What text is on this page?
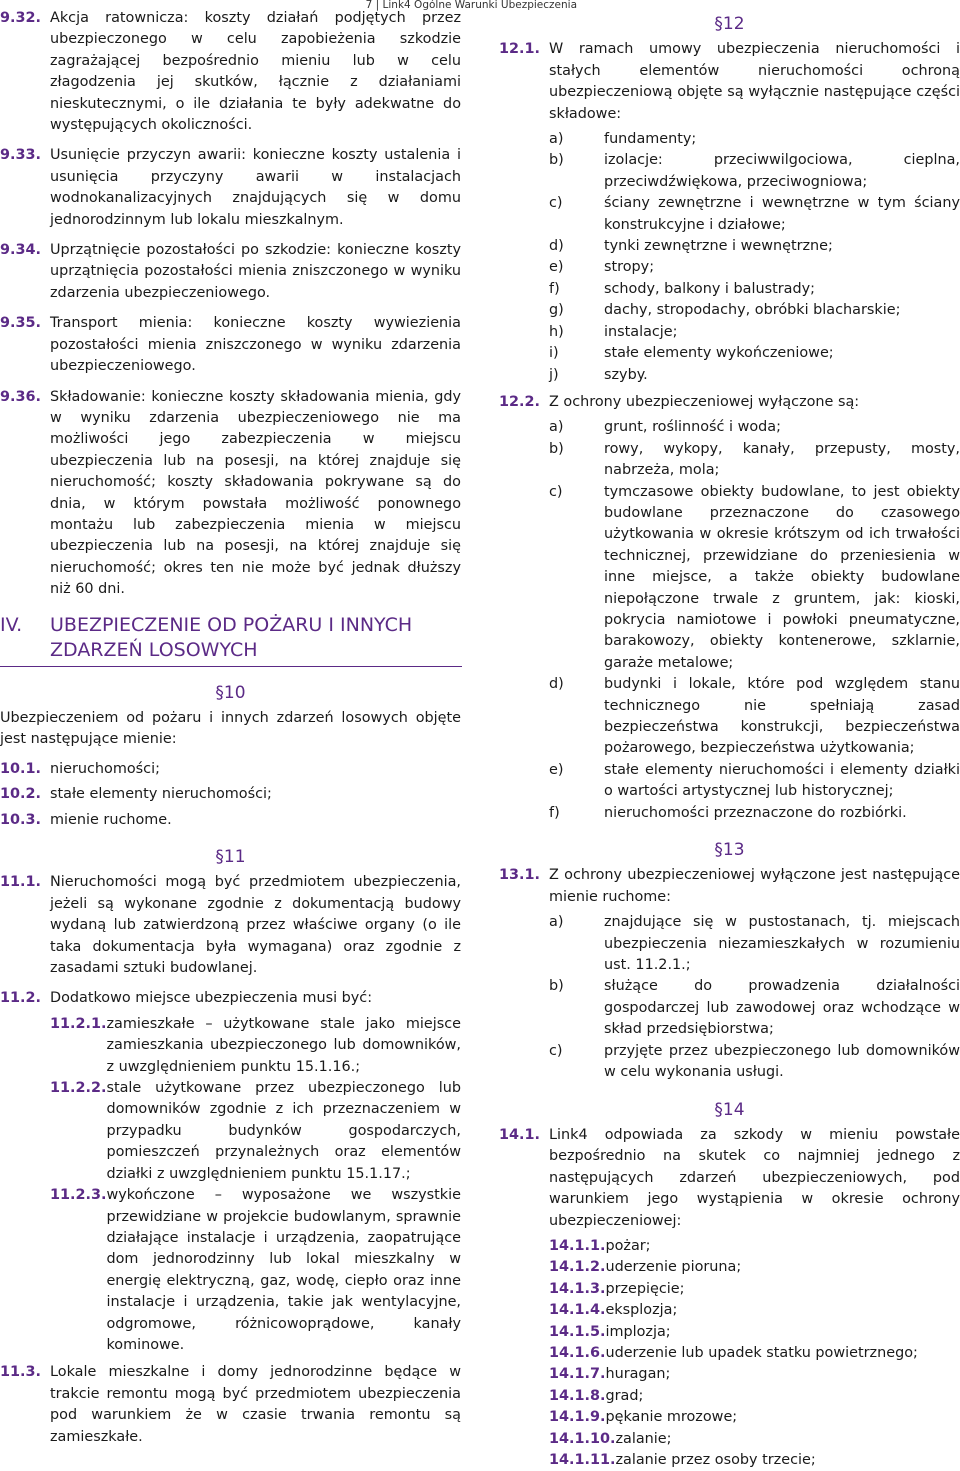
7 | Link4 Ogólne Warunki Ubezpieczenia
9.32. Akcja ratownicza: koszty działań podjętych przez ubezpieczonego w celu zapobieżenia szkodzie zagrażającej bezpośrednio mieniu lub w celu złagodzenia jej skutków, łącznie z działaniami nieskutecznymi, o ile działania te były adekwatne do występujących okoliczności.
9.33. Usunięcie przyczyn awarii: konieczne koszty ustalenia i usunięcia przyczyny awarii w instalacjach wodnokanalizacyjnych znajdujących się w domu jednorodzinnym lub lokalu mieszkalnym.
9.34. Uprzątnięcie pozostałości po szkodzie: konieczne koszty uprzątnięcia pozostałości mienia zniszczonego w wyniku zdarzenia ubezpieczeniowego.
9.35. Transport mienia: konieczne koszty wywiezienia pozostałości mienia zniszczonego w wyniku zdarzenia ubezpieczeniowego.
9.36. Składowanie: konieczne koszty składowania mienia, gdy w wyniku zdarzenia ubezpieczeniowego nie ma możliwości jego zabezpieczenia w miejscu ubezpieczenia lub na posesji, na której znajduje się nieruchomość; koszty składowania pokrywane są do dnia, w którym powstała możliwość ponownego montażu lub zabezpieczenia mienia w miejscu ubezpieczenia lub na posesji, na której znajduje się nieruchomość; okres ten nie może być jednak dłuższy niż 60 dni.
IV.	UBEZPIECZENIE OD POŻARU I INNYCH ZDARZEŃ LOSOWYCH
§10
Ubezpieczeniem od pożaru i innych zdarzeń losowych objęte jest następujące mienie:
10.1. nieruchomości;
10.2. stałe elementy nieruchomości;
10.3. mienie ruchome.
§11
11.1. Nieruchomości mogą być przedmiotem ubezpieczenia, jeżeli są wykonane zgodnie z dokumentacją budowy wydaną lub zatwierdzoną przez właściwe organy (o ile taka dokumentacja była wymagana) oraz zgodnie z zasadami sztuki budowlanej.
11.2. Dodatkowo miejsce ubezpieczenia musi być:
11.2.1. zamieszkałe – użytkowane stale jako miejsce zamieszkania ubezpieczonego lub domowników, z uwzględnieniem punktu 15.1.16.;
11.2.2. stale użytkowane przez ubezpieczonego lub domowników zgodnie z ich przeznaczeniem w przypadku budynków gospodarczych, pomieszczeń przynależnych oraz elementów działki z uwzględnieniem punktu 15.1.17.;
11.2.3. wykończone – wyposażone we wszystkie przewidziane w projekcie budowlanym, sprawnie działające instalacje i urządzenia, zaopatrujące dom jednorodzinny lub lokal mieszkalny w energię elektryczną, gaz, wodę, ciepło oraz inne instalacje i urządzenia, takie jak wentylacyjne, odgromowe, różnicowoprądowe, kanały kominowe.
11.3. Lokale mieszkalne i domy jednorodzinne będące w trakcie remontu mogą być przedmiotem ubezpieczenia pod warunkiem że w czasie trwania remontu są zamieszkałe.
§12
12.1. W ramach umowy ubezpieczenia nieruchomości i stałych elementów nieruchomości ochroną ubezpieczeniową objęte są wyłącznie następujące części składowe:
a)	fundamenty;
b)	izolacje: przeciwwilgociowa, cieplna, przeciwdźwiękowa, przeciwogniowa;
c)	ściany zewnętrzne i wewnętrzne w tym ściany konstrukcyjne i działowe;
d)	tynki zewnętrzne i wewnętrzne;
e)	stropy;
f)	schody, balkony i balustrady;
g)	dachy, stropodachy, obróbki blacharskie;
h)	instalacje;
i)	stałe elementy wykończeniowe;
j)	szyby.
12.2. Z ochrony ubezpieczeniowej wyłączone są:
a)	grunt, roślinność i woda;
b)	rowy, wykopy, kanały, przepusty, mosty, nabrzeża, mola;
c)	tymczasowe obiekty budowlane, to jest obiekty budowlane przeznaczone do czasowego użytkowania w okresie krótszym od ich trwałości technicznej, przewidziane do przeniesienia w inne miejsce, a także obiekty budowlane niepołączone trwale z gruntem, jak: kioski, pokrycia namiotowe i powłoki pneumatyczne, barakowozy, obiekty kontenerowe, szklarnie, garaże metalowe;
d)	budynki i lokale, które pod względem stanu technicznego nie spełniają zasad bezpieczeństwa konstrukcji, bezpieczeństwa pożarowego, bezpieczeństwa użytkowania;
e)	stałe elementy nieruchomości i elementy działki o wartości artystycznej lub historycznej;
f)	nieruchomości przeznaczone do rozbiórki.
§13
13.1. Z ochrony ubezpieczeniowej wyłączone jest następujące mienie ruchome:
a)	znajdujące się w pustostanach, tj. miejscach ubezpieczenia niezamieszkałych w rozumieniu ust. 11.2.1.;
b)	służące do prowadzenia działalności gospodarczej lub zawodowej oraz wchodzące w skład przedsiębiorstwa;
c)	przyjęte przez ubezpieczonego lub domowników w celu wykonania usługi.
§14
14.1. Link4 odpowiada za szkody w mieniu powstałe bezpośrednio na skutek co najmniej jednego z następujących zdarzeń ubezpieczeniowych, pod warunkiem jego wystąpienia w okresie ochrony ubezpieczeniowej:
14.1.1. pożar;
14.1.2. uderzenie pioruna;
14.1.3. przepięcie;
14.1.4. eksplozja;
14.1.5. implozja;
14.1.6. uderzenie lub upadek statku powietrznego;
14.1.7. huragan;
14.1.8. grad;
14.1.9. pękanie mrozowe;
14.1.10. zalanie;
14.1.11. zalanie przez osoby trzecie;
